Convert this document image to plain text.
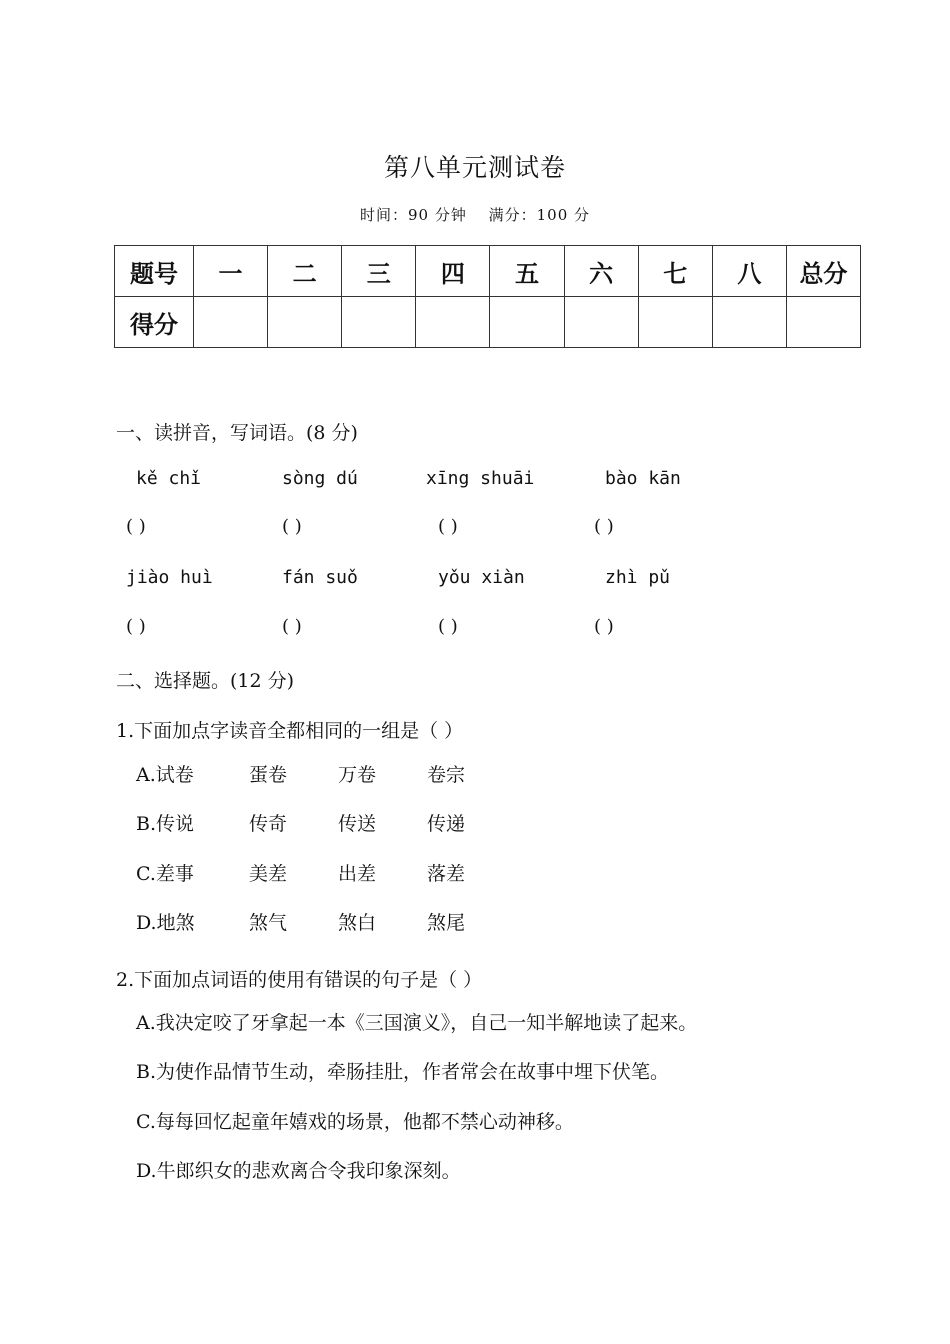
第八单元测试卷
时间：90 分钟 满分：100 分
题号	一	二	三	四	五	六	七	八	总分
得分									
一、读拼音，写词语。(8 分)
kě chǐ	sòng dú	xīng shuāi	bào kān
( )	( )	( )	( )
jiào huì	fán suǒ	yǒu xiàn	zhì pǔ
( )	( )	( )	( )
二、选择题。(12 分)
1.下面加点字读音全都相同的一组是（ ）
A.试卷	蛋卷	万卷	卷宗
B.传说	传奇	传送	传递
C.差事	美差	出差	落差
D.地煞	煞气	煞白	煞尾
2.下面加点词语的使用有错误的句子是（ ）
A.我决定咬了牙拿起一本《三国演义》，自己一知半解地读了起来。
B.为使作品情节生动，牵肠挂肚，作者常会在故事中埋下伏笔。
C.每每回忆起童年嬉戏的场景，他都不禁心动神移。
D.牛郎织女的悲欢离合令我印象深刻。
